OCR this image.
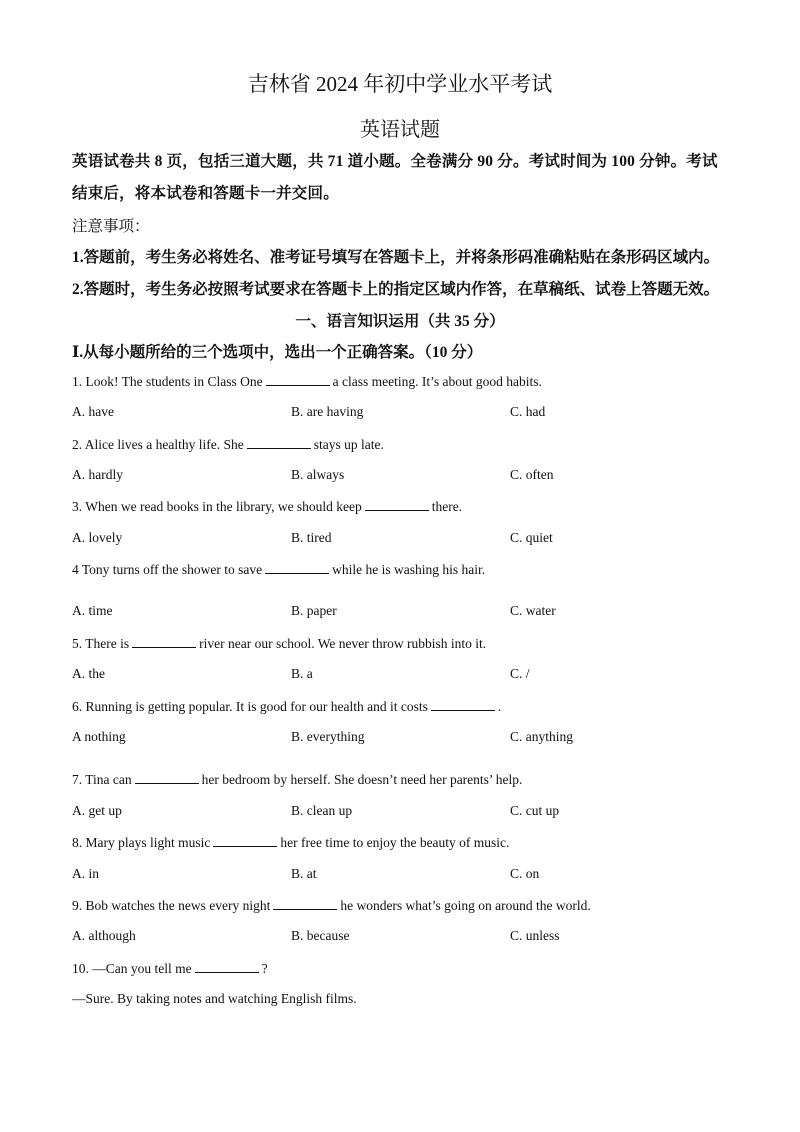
吉林省 2024 年初中学业水平考试
英语试题
英语试卷共 8 页，包括三道大题，共 71 道小题。全卷满分 90 分。考试时间为 100 分钟。考试结束后，将本试卷和答题卡一并交回。
注意事项：
1.答题前，考生务必将姓名、准考证号填写在答题卡上，并将条形码准确粘贴在条形码区域内。
2.答题时，考生务必按照考试要求在答题卡上的指定区域内作答，在草稿纸、试卷上答题无效。
一、语言知识运用（共 35 分）
Ⅰ.从每小题所给的三个选项中，选出一个正确答案。（10 分）
1. Look! The students in Class One	a class meeting. It’s about good habits.
A. have	B. are having	C. had
2. Alice lives a healthy life. She	stays up late.
A. hardly	B. always	C. often
3. When we read books in the library, we should keep	there.
A. lovely	B. tired	C. quiet
4 Tony turns off the shower to save	while he is washing his hair.
A. time	B. paper	C. water
5. There is	river near our school. We never throw rubbish into it.
A. the	B. a	C. /
6. Running is getting popular. It is good for our health and it costs	.
A nothing	B. everything	C. anything
7. Tina can	her bedroom by herself. She doesn’t need her parents’ help.
A. get up	B. clean up	C. cut up
8. Mary plays light music	her free time to enjoy the beauty of music.
A. in	B. at	C. on
9. Bob watches the news every night	he wonders what’s going on around the world.
A. although	B. because	C. unless
10. —Can you tell me	?
—Sure. By taking notes and watching English films.
